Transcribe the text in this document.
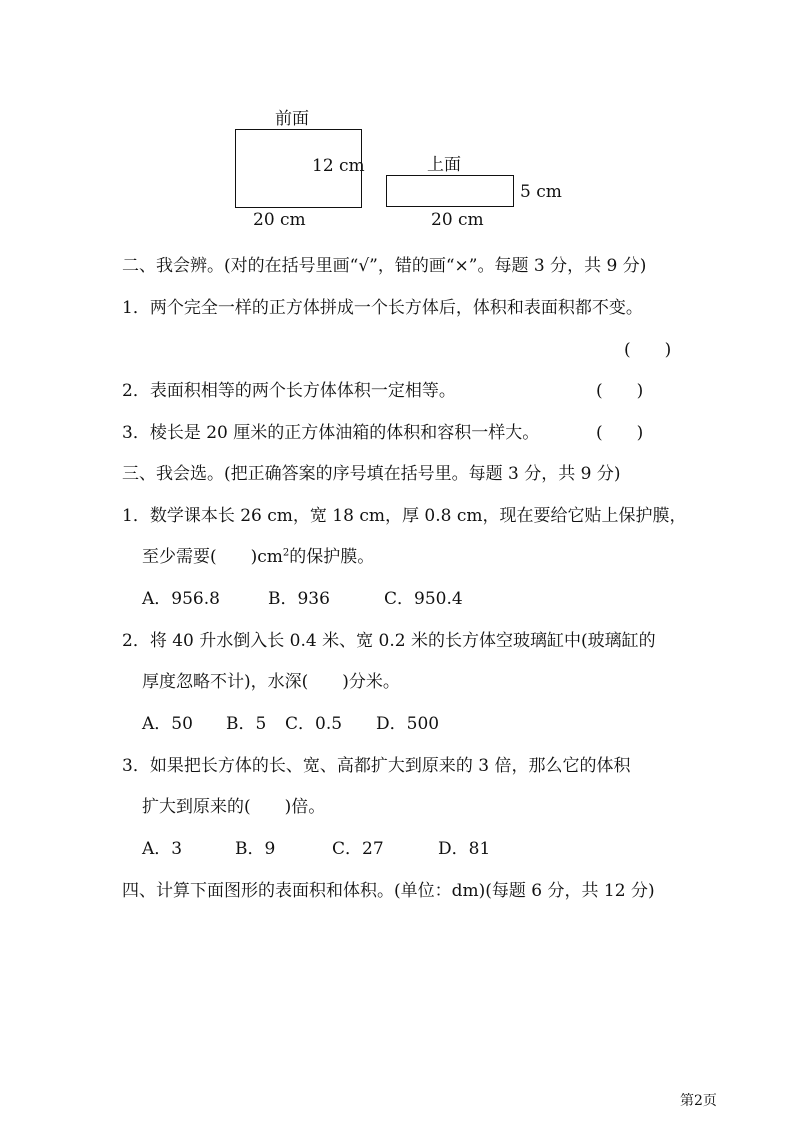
前面
12 cm
20 cm
上面
5 cm
20 cm
二、我会辨。(对的在括号里画“√”，错的画“×”。每题 3 分，共 9 分)
1．两个完全一样的正方体拼成一个长方体后，体积和表面积都不变。
(　　)
2．表面积相等的两个长方体体积一定相等。	(　　)
3．棱长是 20 厘米的正方体油箱的体积和容积一样大。	(　　)
三、我会选。(把正确答案的序号填在括号里。每题 3 分，共 9 分)
1．数学课本长 26 cm，宽 18 cm，厚 0.8 cm，现在要给它贴上保护膜，
至少需要(　　)$cm^2$的保护膜。
A．956.8	B．936	C．950.4
2．将 40 升水倒入长 0.4 米、宽 0.2 米的长方体空玻璃缸中(玻璃缸的
厚度忽略不计)，水深(　　)分米。
A．50 B．5 C．0.5 D．500
3．如果把长方体的长、宽、高都扩大到原来的 3 倍，那么它的体积
扩大到原来的(　　)倍。
A．3	B．9	C．27	D．81
四、计算下面图形的表面积和体积。(单位：dm)(每题 6 分，共 12 分)
第2页
